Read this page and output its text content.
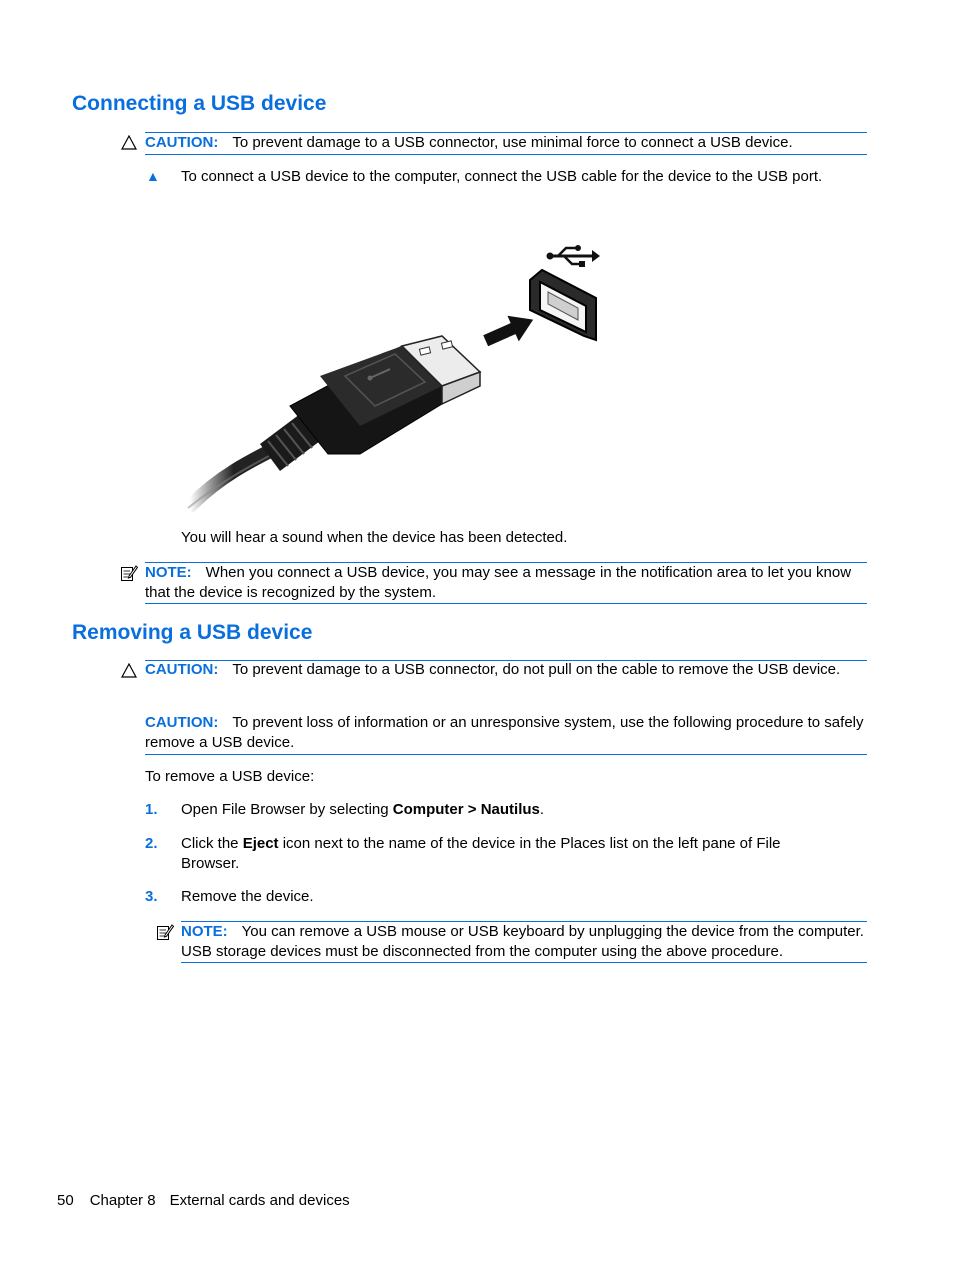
Connecting a USB device
CAUTION: To prevent damage to a USB connector, use minimal force to connect a USB device.
▲ To connect a USB device to the computer, connect the USB cable for the device to the USB port.
You will hear a sound when the device has been detected.
NOTE: When you connect a USB device, you may see a message in the notification area to let you know that the device is recognized by the system.
Removing a USB device
CAUTION: To prevent damage to a USB connector, do not pull on the cable to remove the USB device.
CAUTION: To prevent loss of information or an unresponsive system, use the following procedure to safely remove a USB device.
To remove a USB device:
1. Open File Browser by selecting Computer > Nautilus.
2. Click the Eject icon next to the name of the device in the Places list on the left pane of File Browser.
3. Remove the device.
NOTE: You can remove a USB mouse or USB keyboard by unplugging the device from the computer. USB storage devices must be disconnected from the computer using the above procedure.
50 Chapter 8 External cards and devices
